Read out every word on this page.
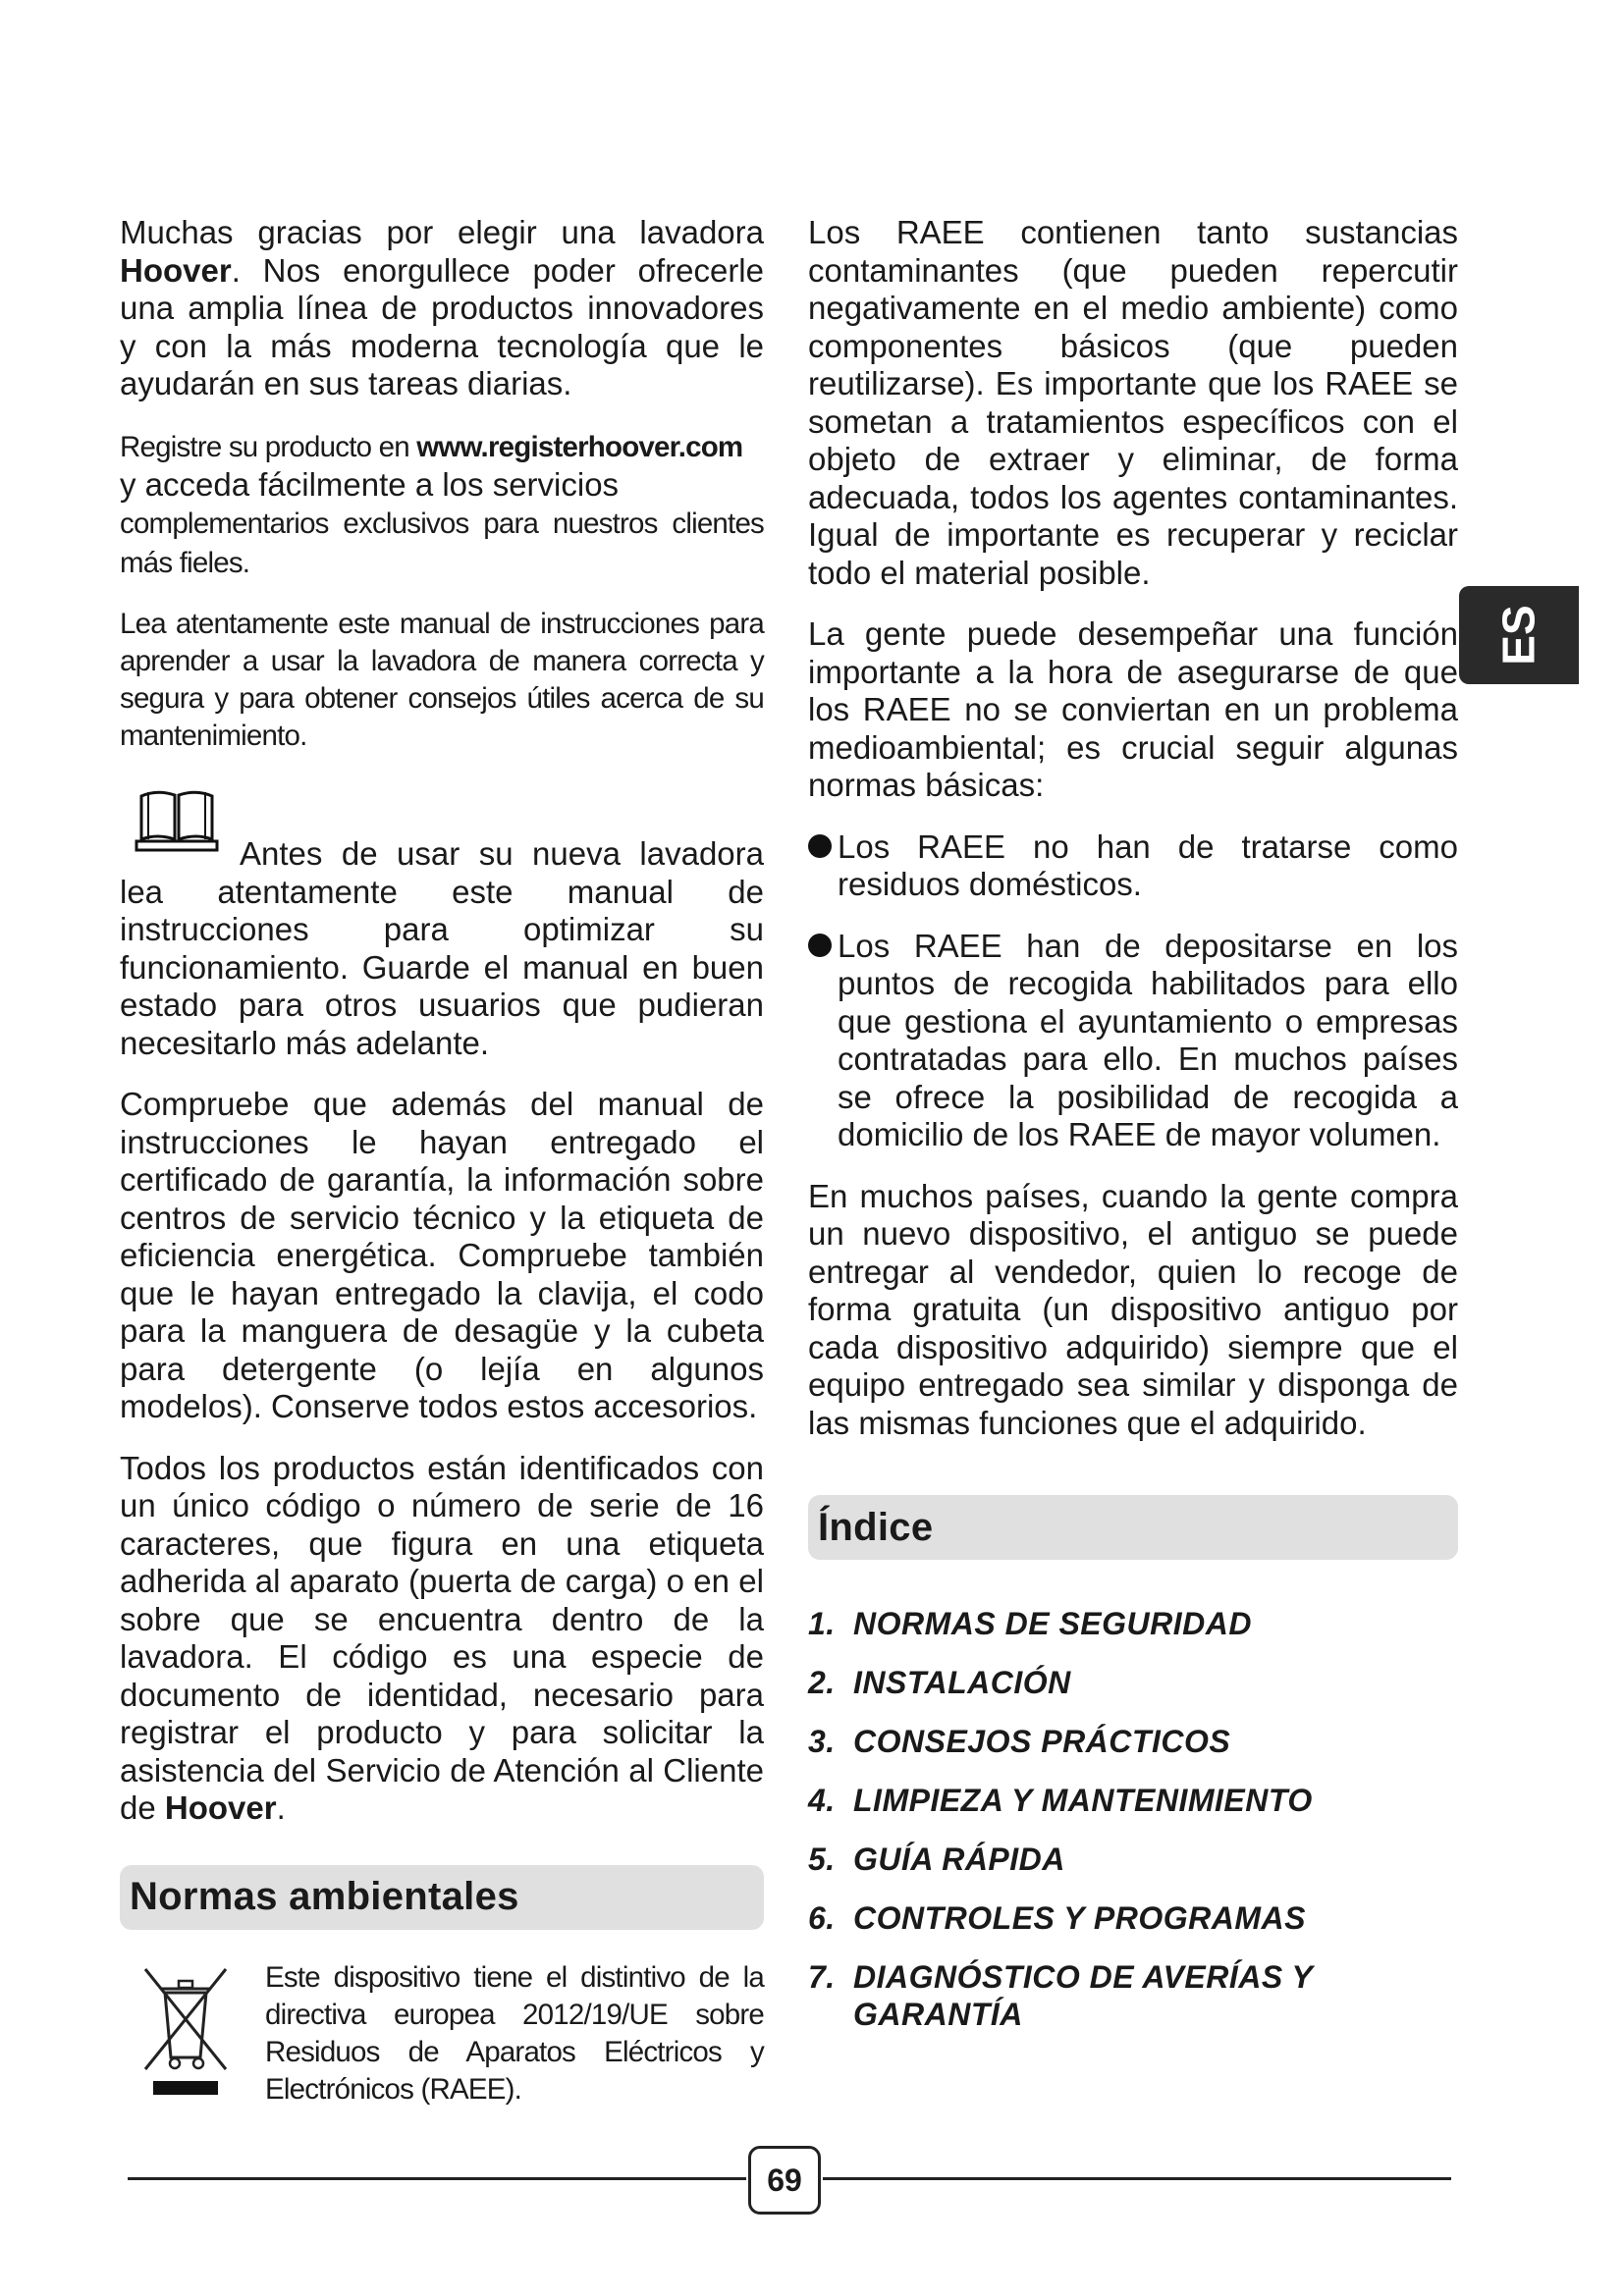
Muchas gracias por elegir una lavadora Hoover. Nos enorgullece poder ofrecerle una amplia línea de productos innovadores y con la más moderna tecnología que le ayudarán en sus tareas diarias.

Registre su producto en www.registerhoover.com
y acceda fácilmente a los servicios
complementarios exclusivos para nuestros clientes más fieles.

Lea atentamente este manual de instrucciones para aprender a usar la lavadora de manera correcta y segura y para obtener consejos útiles acerca de su mantenimiento.

Antes de usar su nueva lavadora lea atentamente este manual de instrucciones para optimizar su funcionamiento. Guarde el manual en buen estado para otros usuarios que pudieran necesitarlo más adelante.

Compruebe que además del manual de instrucciones le hayan entregado el certificado de garantía, la información sobre centros de servicio técnico y la etiqueta de eficiencia energética. Compruebe también que le hayan entregado la clavija, el codo para la manguera de desagüe y la cubeta para detergente (o lejía en algunos modelos). Conserve todos estos accesorios.

Todos los productos están identificados con un único código o número de serie de 16 caracteres, que figura en una etiqueta adherida al aparato (puerta de carga) o en el sobre que se encuentra dentro de la lavadora. El código es una especie de documento de identidad, necesario para registrar el producto y para solicitar la asistencia del Servicio de Atención al Cliente de Hoover.

Normas ambientales

Este dispositivo tiene el distintivo de la directiva europea 2012/19/UE sobre Residuos de Aparatos Eléctricos y Electrónicos (RAEE).

Los RAEE contienen tanto sustancias contaminantes (que pueden repercutir negativamente en el medio ambiente) como componentes básicos (que pueden reutilizarse). Es importante que los RAEE se sometan a tratamientos específicos con el objeto de extraer y eliminar, de forma adecuada, todos los agentes contaminantes. Igual de importante es recuperar y reciclar todo el material posible.

La gente puede desempeñar una función importante a la hora de asegurarse de que los RAEE no se conviertan en un problema medioambiental; es crucial seguir algunas normas básicas:

Los RAEE no han de tratarse como residuos domésticos.
Los RAEE han de depositarse en los puntos de recogida habilitados para ello que gestiona el ayuntamiento o empresas contratadas para ello. En muchos países se ofrece la posibilidad de recogida a domicilio de los RAEE de mayor volumen.

En muchos países, cuando la gente compra un nuevo dispositivo, el antiguo se puede entregar al vendedor, quien lo recoge de forma gratuita (un dispositivo antiguo por cada dispositivo adquirido) siempre que el equipo entregado sea similar y disponga de las mismas funciones que el adquirido.

Índice
1. NORMAS DE SEGURIDAD
2. INSTALACIÓN
3. CONSEJOS PRÁCTICOS
4. LIMPIEZA Y MANTENIMIENTO
5. GUÍA RÁPIDA
6. CONTROLES Y PROGRAMAS
7. DIAGNÓSTICO DE AVERÍAS Y GARANTÍA
ES
69
